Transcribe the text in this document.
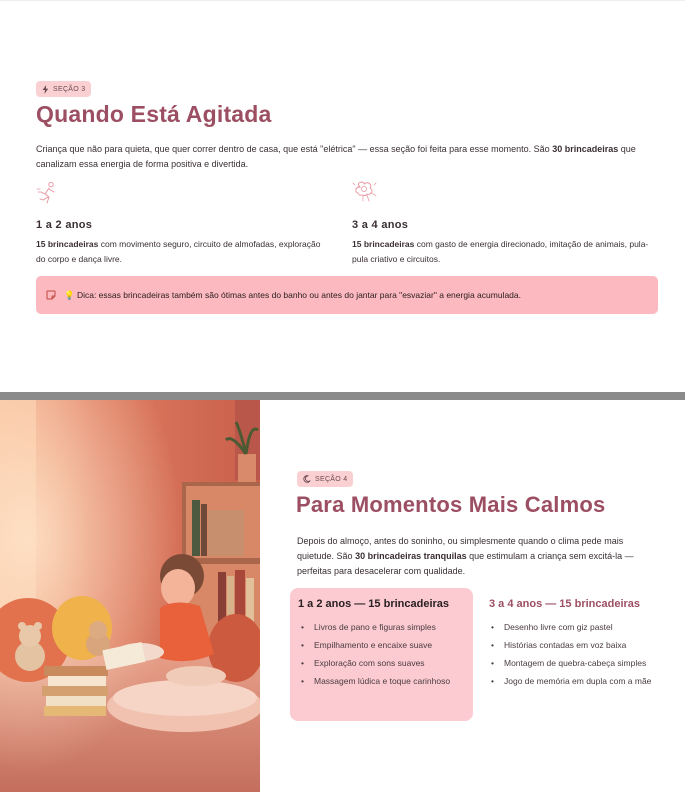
SEÇÃO 3
Quando Está Agitada

Criança que não para quieta, que quer correr dentro de casa, que está "elétrica" — essa seção foi feita para esse momento. São 30 brincadeiras que canalizam essa energia de forma positiva e divertida.

1 a 2 anos

15 brincadeiras com movimento seguro, circuito de almofadas, exploração do corpo e dança livre.

3 a 4 anos

15 brincadeiras com gasto de energia direcionado, imitação de animais, pula-pula criativo e circuitos.

💡 Dica: essas brincadeiras também são ótimas antes do banho ou antes do jantar para "esvaziar" a energia acumulada.
SEÇÃO 4
Para Momentos Mais Calmos

Depois do almoço, antes do soninho, ou simplesmente quando o clima pede mais quietude. São 30 brincadeiras tranquilas que estimulam a criança sem excitá-la — perfeitas para desacelerar com qualidade.

1 a 2 anos — 15 brincadeiras
• Livros de pano e figuras simples
• Empilhamento e encaixe suave
• Exploração com sons suaves
• Massagem lúdica e toque carinhoso
3 a 4 anos — 15 brincadeiras
• Desenho livre com giz pastel
• Histórias contadas em voz baixa
• Montagem de quebra-cabeça simples
• Jogo de memória em dupla com a mãe
